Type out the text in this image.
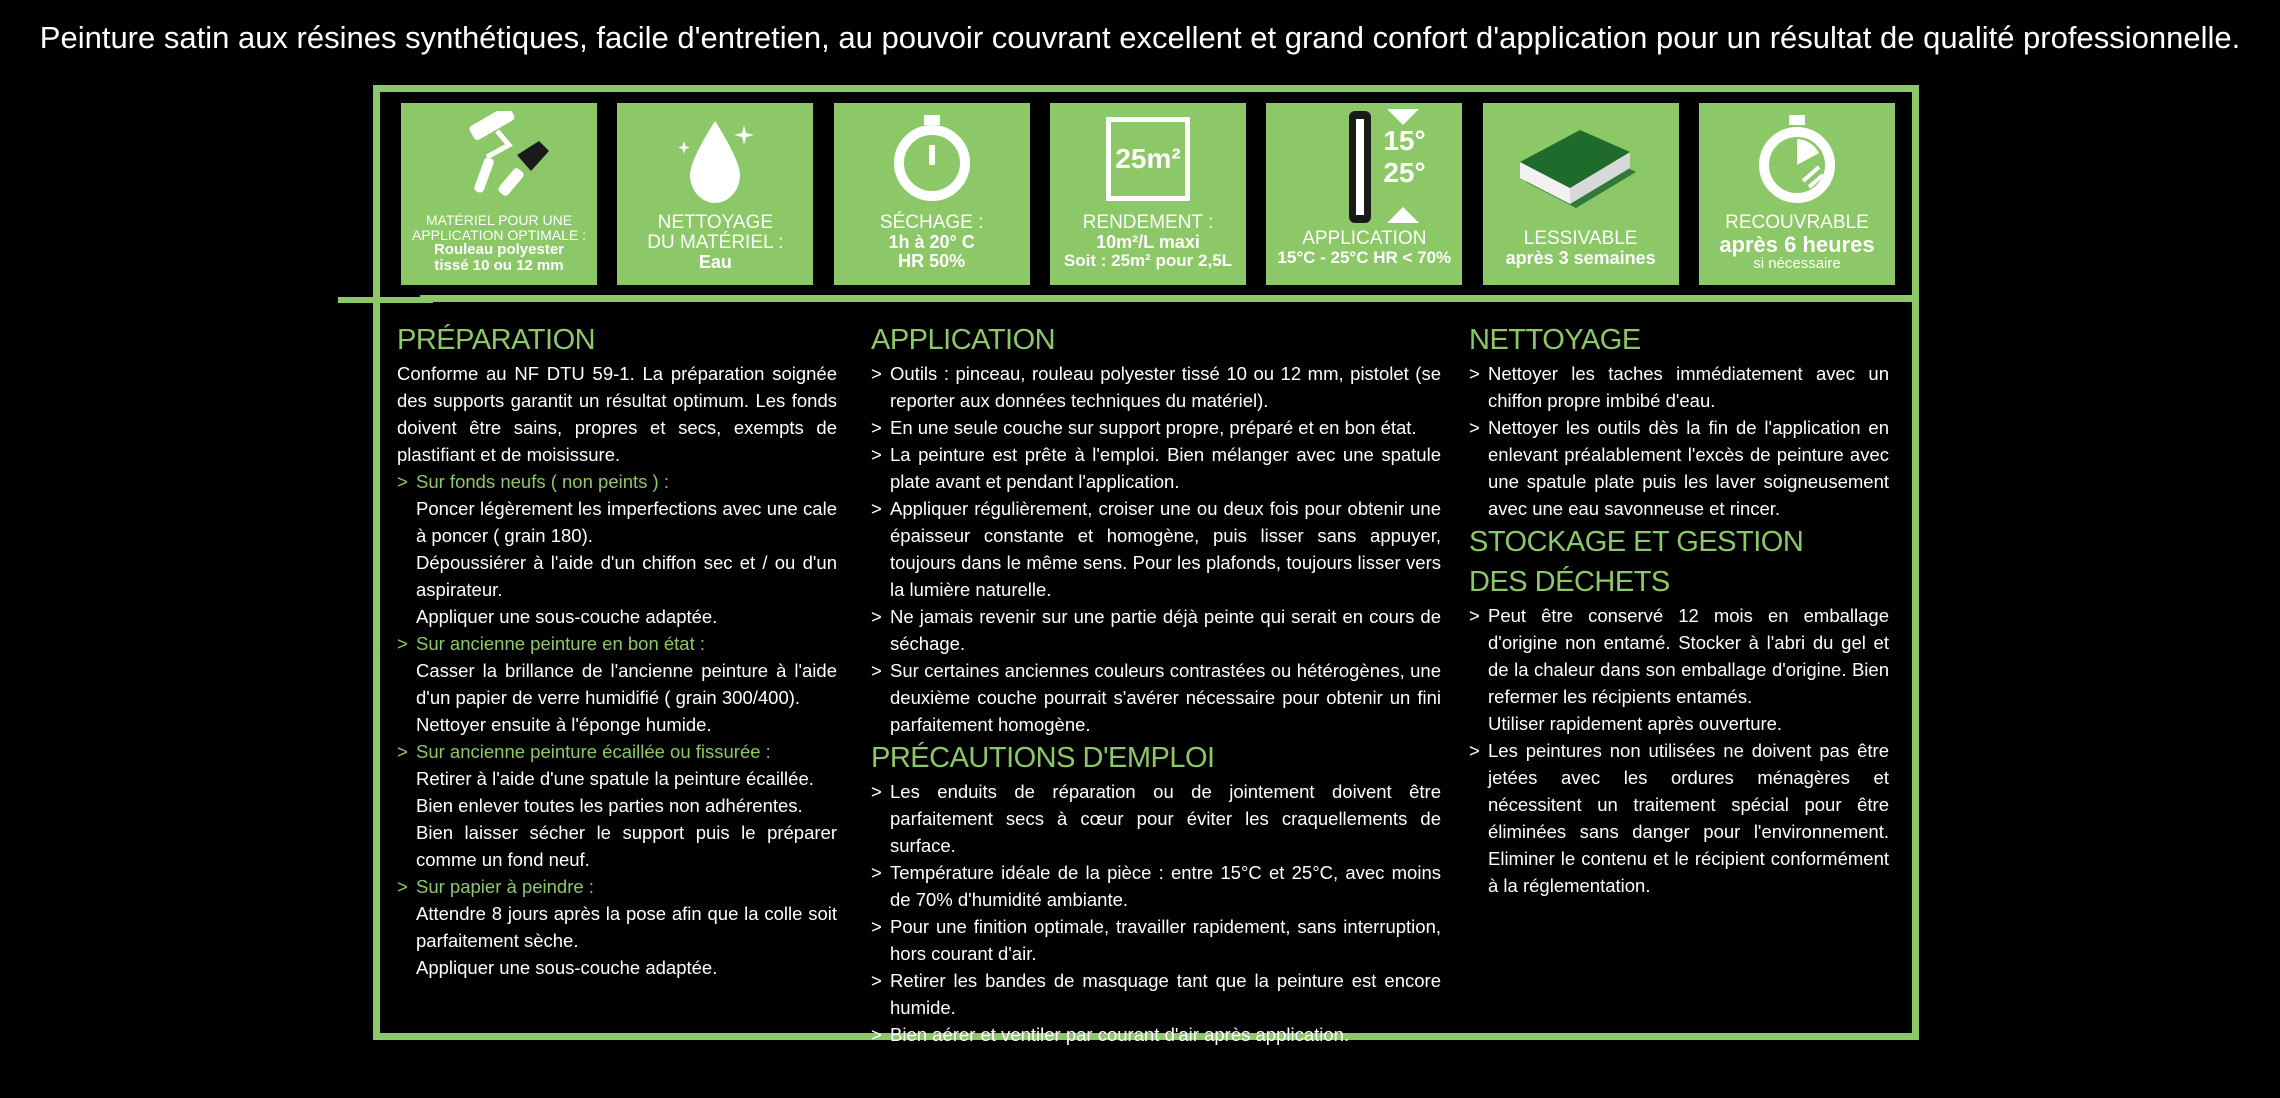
Peinture satin aux résines synthétiques, facile d'entretien, au pouvoir couvrant excellent et grand confort d'application pour un résultat de qualité professionnelle.
MATÉRIEL POUR UNE
APPLICATION OPTIMALE :
Rouleau polyester
tissé 10 ou 12 mm
NETTOYAGE
DU MATÉRIEL :
Eau
SÉCHAGE :
1h à 20° C
HR 50%
25m²
RENDEMENT :
10m²/L maxi
Soit : 25m² pour 2,5L
15°
25°
APPLICATION
15°C - 25°C HR < 70%
LESSIVABLE
après 3 semaines
RECOUVRABLE
après 6 heures
si nécessaire
PRÉPARATION

Conforme au NF DTU 59-1. La préparation soignée des supports garantit un résultat optimum. Les fonds doivent être sains, propres et secs, exempts de plastifiant et de moisissure.

> Sur fonds neufs ( non peints ) :

Poncer légèrement les imperfections avec une cale à poncer ( grain 180).

Dépoussiérer à l'aide d'un chiffon sec et / ou d'un aspirateur.

Appliquer une sous-couche adaptée.

> Sur ancienne peinture en bon état :

Casser la brillance de l'ancienne peinture à l'aide d'un papier de verre humidifié ( grain 300/400).

Nettoyer ensuite à l'éponge humide.

> Sur ancienne peinture écaillée ou fissurée :

Retirer à l'aide d'une spatule la peinture écaillée.

Bien enlever toutes les parties non adhérentes.

Bien laisser sécher le support puis le préparer comme un fond neuf.

> Sur papier à peindre :

Attendre 8 jours après la pose afin que la colle soit parfaitement sèche.

Appliquer une sous-couche adaptée.

APPLICATION

> Outils : pinceau, rouleau polyester tissé 10 ou 12 mm, pistolet (se reporter aux données techniques du matériel).

> En une seule couche sur support propre, préparé et en bon état.

> La peinture est prête à l'emploi. Bien mélanger avec une spatule plate avant et pendant l'application.

> Appliquer régulièrement, croiser une ou deux fois pour obtenir une épaisseur constante et homogène, puis lisser sans appuyer, toujours dans le même sens. Pour les plafonds, toujours lisser vers la lumière naturelle.

> Ne jamais revenir sur une partie déjà peinte qui serait en cours de séchage.

> Sur certaines anciennes couleurs contrastées ou hétérogènes, une deuxième couche pourrait s'avérer nécessaire pour obtenir un fini parfaitement homogène.

PRÉCAUTIONS D'EMPLOI

> Les enduits de réparation ou de jointement doivent être parfaitement secs à cœur pour éviter les craquellements de surface.

> Température idéale de la pièce : entre 15°C et 25°C, avec moins de 70% d'humidité ambiante.

> Pour une finition optimale, travailler rapidement, sans interruption, hors courant d'air.

> Retirer les bandes de masquage tant que la peinture est encore humide.

> Bien aérer et ventiler par courant d'air après application.

NETTOYAGE

> Nettoyer les taches immédiatement avec un chiffon propre imbibé d'eau.

> Nettoyer les outils dès la fin de l'application en enlevant préalablement l'excès de peinture avec une spatule plate puis les laver soigneusement avec une eau savonneuse et rincer.

STOCKAGE ET GESTION
DES DÉCHETS

> Peut être conservé 12 mois en emballage d'origine non entamé. Stocker à l'abri du gel et de la chaleur dans son emballage d'origine. Bien refermer les récipients entamés.

Utiliser rapidement après ouverture.

> Les peintures non utilisées ne doivent pas être jetées avec les ordures ménagères et nécessitent un traitement spécial pour être éliminées sans danger pour l'environnement. Eliminer le contenu et le récipient conformément à la réglementation.
